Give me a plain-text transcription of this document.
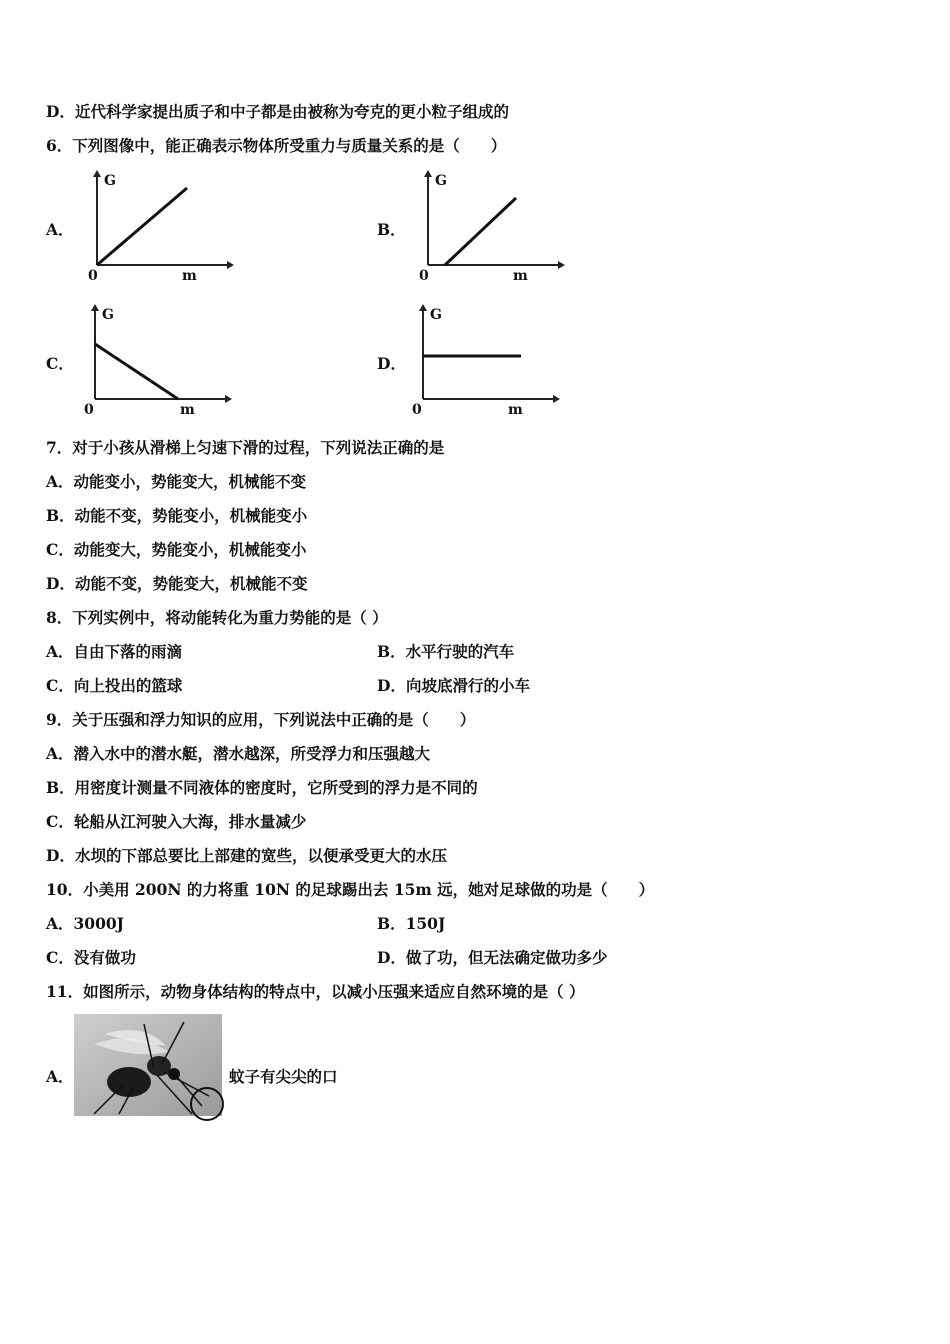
D．近代科学家提出质子和中子都是由被称为夸克的更小粒子组成的
6．下列图像中，能正确表示物体所受重力与质量关系的是（　　）
A．
G
m
0
B．
G
m
0
C．
G
m
0
D．
G
m
0
7．对于小孩从滑梯上匀速下滑的过程，下列说法正确的是
A．动能变小，势能变大，机械能不变
B．动能不变，势能变小，机械能变小
C．动能变大，势能变小，机械能变小
D．动能不变，势能变大，机械能不变
8．下列实例中，将动能转化为重力势能的是（ ）
A．自由下落的雨滴	B．水平行驶的汽车
C．向上投出的篮球	D．向坡底滑行的小车
9．关于压强和浮力知识的应用，下列说法中正确的是（　　）
A．潜入水中的潜水艇，潜水越深，所受浮力和压强越大
B．用密度计测量不同液体的密度时，它所受到的浮力是不同的
C．轮船从江河驶入大海，排水量减少
D．水坝的下部总要比上部建的宽些，以便承受更大的水压
10．小美用 200N 的力将重 10N 的足球踢出去 15m 远，她对足球做的功是（　　）
A．3000J	B．150J
C．没有做功	D．做了功，但无法确定做功多少
11．如图所示，动物身体结构的特点中，以减小压强来适应自然环境的是（ ）
A．	蚊子有尖尖的口
